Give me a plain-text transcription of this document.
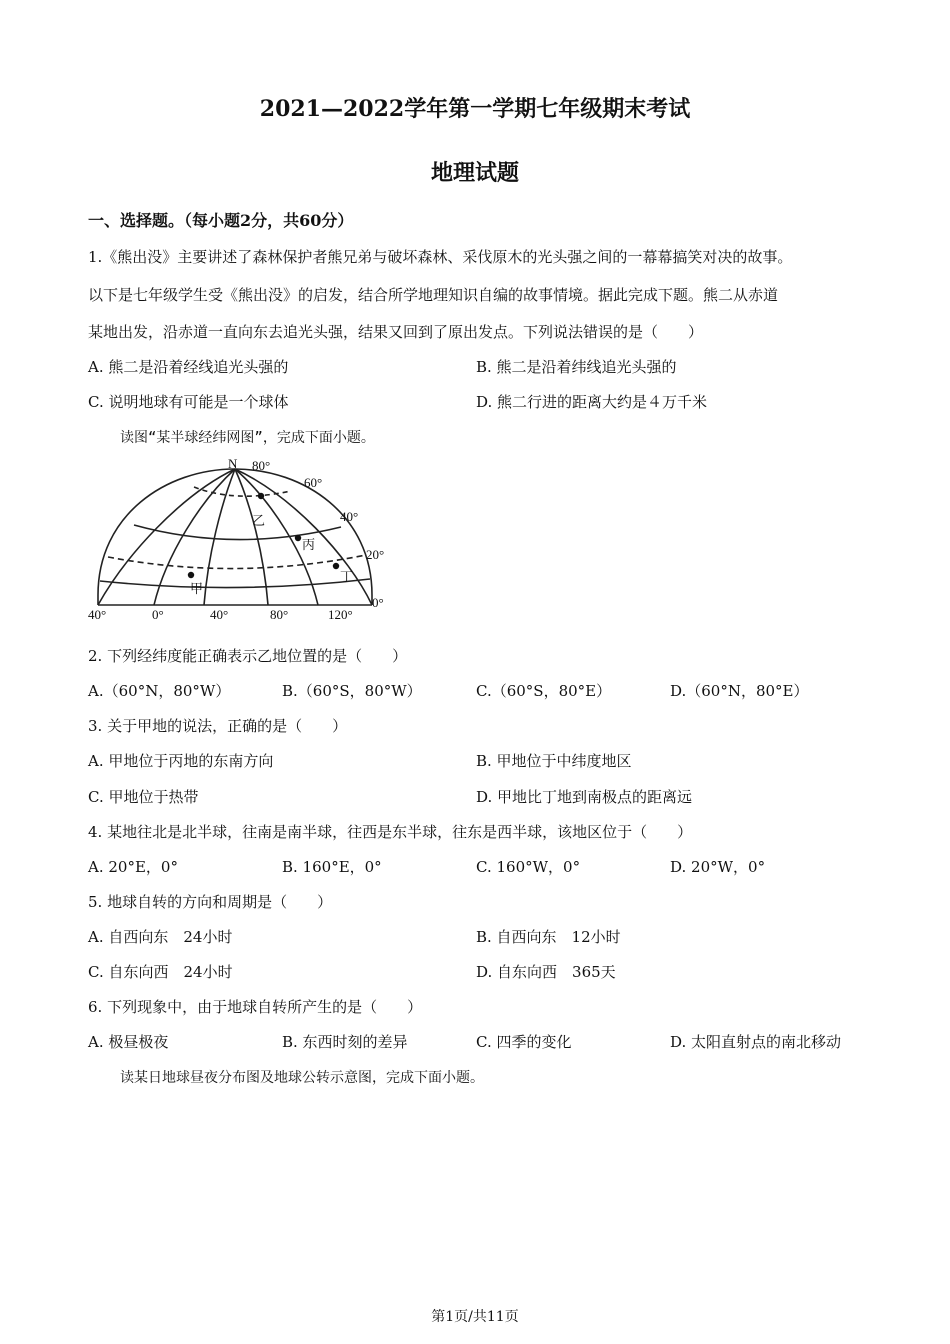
2021—2022学年第一学期七年级期末考试
地理试题
一、选择题。（每小题2分，共60分）
1.《熊出没》主要讲述了森林保护者熊兄弟与破坏森林、采伐原木的光头强之间的一幕幕搞笑对决的故事。
以下是七年级学生受《熊出没》的启发，结合所学地理知识自编的故事情境。据此完成下题。熊二从赤道
某地出发，沿赤道一直向东去追光头强，结果又回到了原出发点。下列说法错误的是（　　）
A. 熊二是沿着经线追光头强的	B. 熊二是沿着纬线追光头强的
C. 说明地球有可能是一个球体	D. 熊二行进的距离大约是４万千米
读图“某半球经纬网图”，完成下面小题。
N 80°
60°
40°
20°
0°
40°	0°	40°	80°	120°
甲
乙
丙
丁
2. 下列经纬度能正确表示乙地位置的是（　　）
A.（60°N，80°W）	B.（60°S，80°W）	C.（60°S，80°E）	D.（60°N，80°E）
3. 关于甲地的说法，正确的是（　　）
A. 甲地位于丙地的东南方向	B. 甲地位于中纬度地区
C. 甲地位于热带	D. 甲地比丁地到南极点的距离远
4. 某地往北是北半球，往南是南半球，往西是东半球，往东是西半球，该地区位于（　　）
A. 20°E，0°	B. 160°E，0°	C. 160°W，0°	D. 20°W，0°
5. 地球自转的方向和周期是（　　）
A. 自西向东　24小时	B. 自西向东　12小时
C. 自东向西　24小时	D. 自东向西　365天
6. 下列现象中，由于地球自转所产生的是（　　）
A. 极昼极夜	B. 东西时刻的差异	C. 四季的变化	D. 太阳直射点的南北移动
读某日地球昼夜分布图及地球公转示意图，完成下面小题。
第1页/共11页
